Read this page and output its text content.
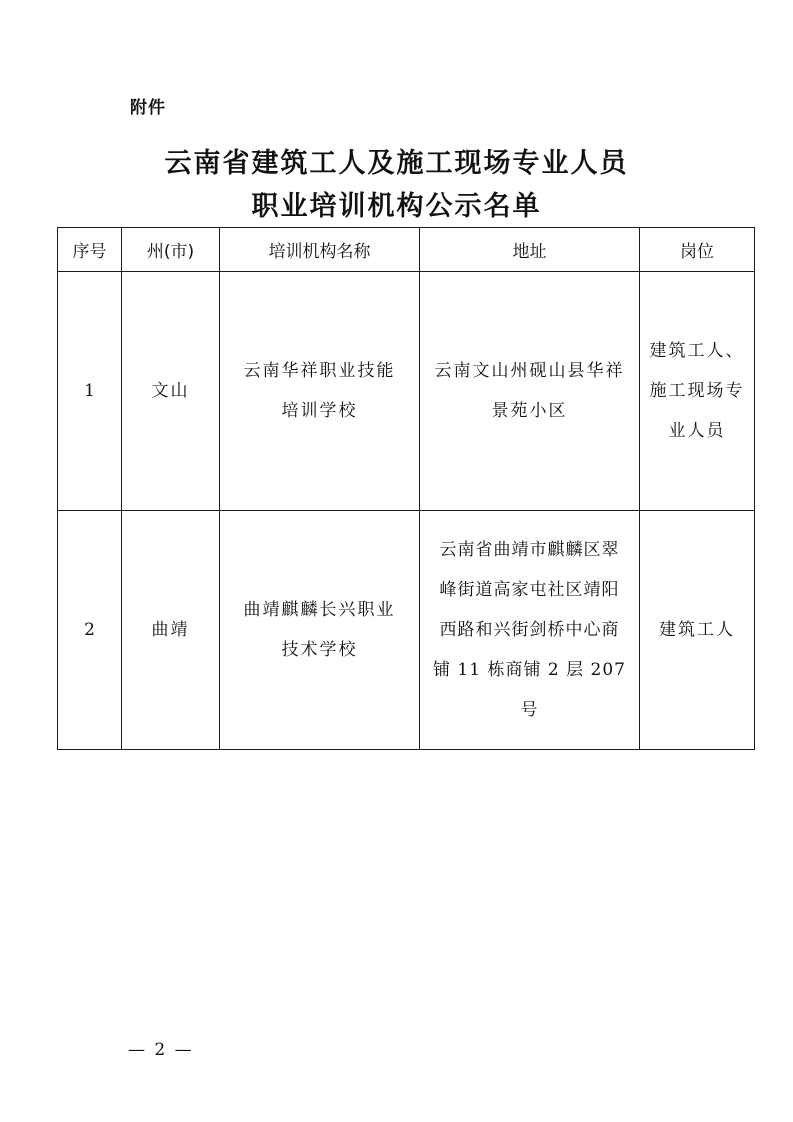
附件
云南省建筑工人及施工现场专业人员
职业培训机构公示名单
序号	州(市)	培训机构名称	地址	岗位
1	文山	云南华祥职业技能培训学校	云南文山州砚山县华祥景苑小区	建筑工人、施工现场专业人员
2	曲靖	曲靖麒麟长兴职业技术学校	云南省曲靖市麒麟区翠峰街道高家屯社区靖阳西路和兴街剑桥中心商铺 11 栋商铺 2 层 207 号	建筑工人
— 2 —
